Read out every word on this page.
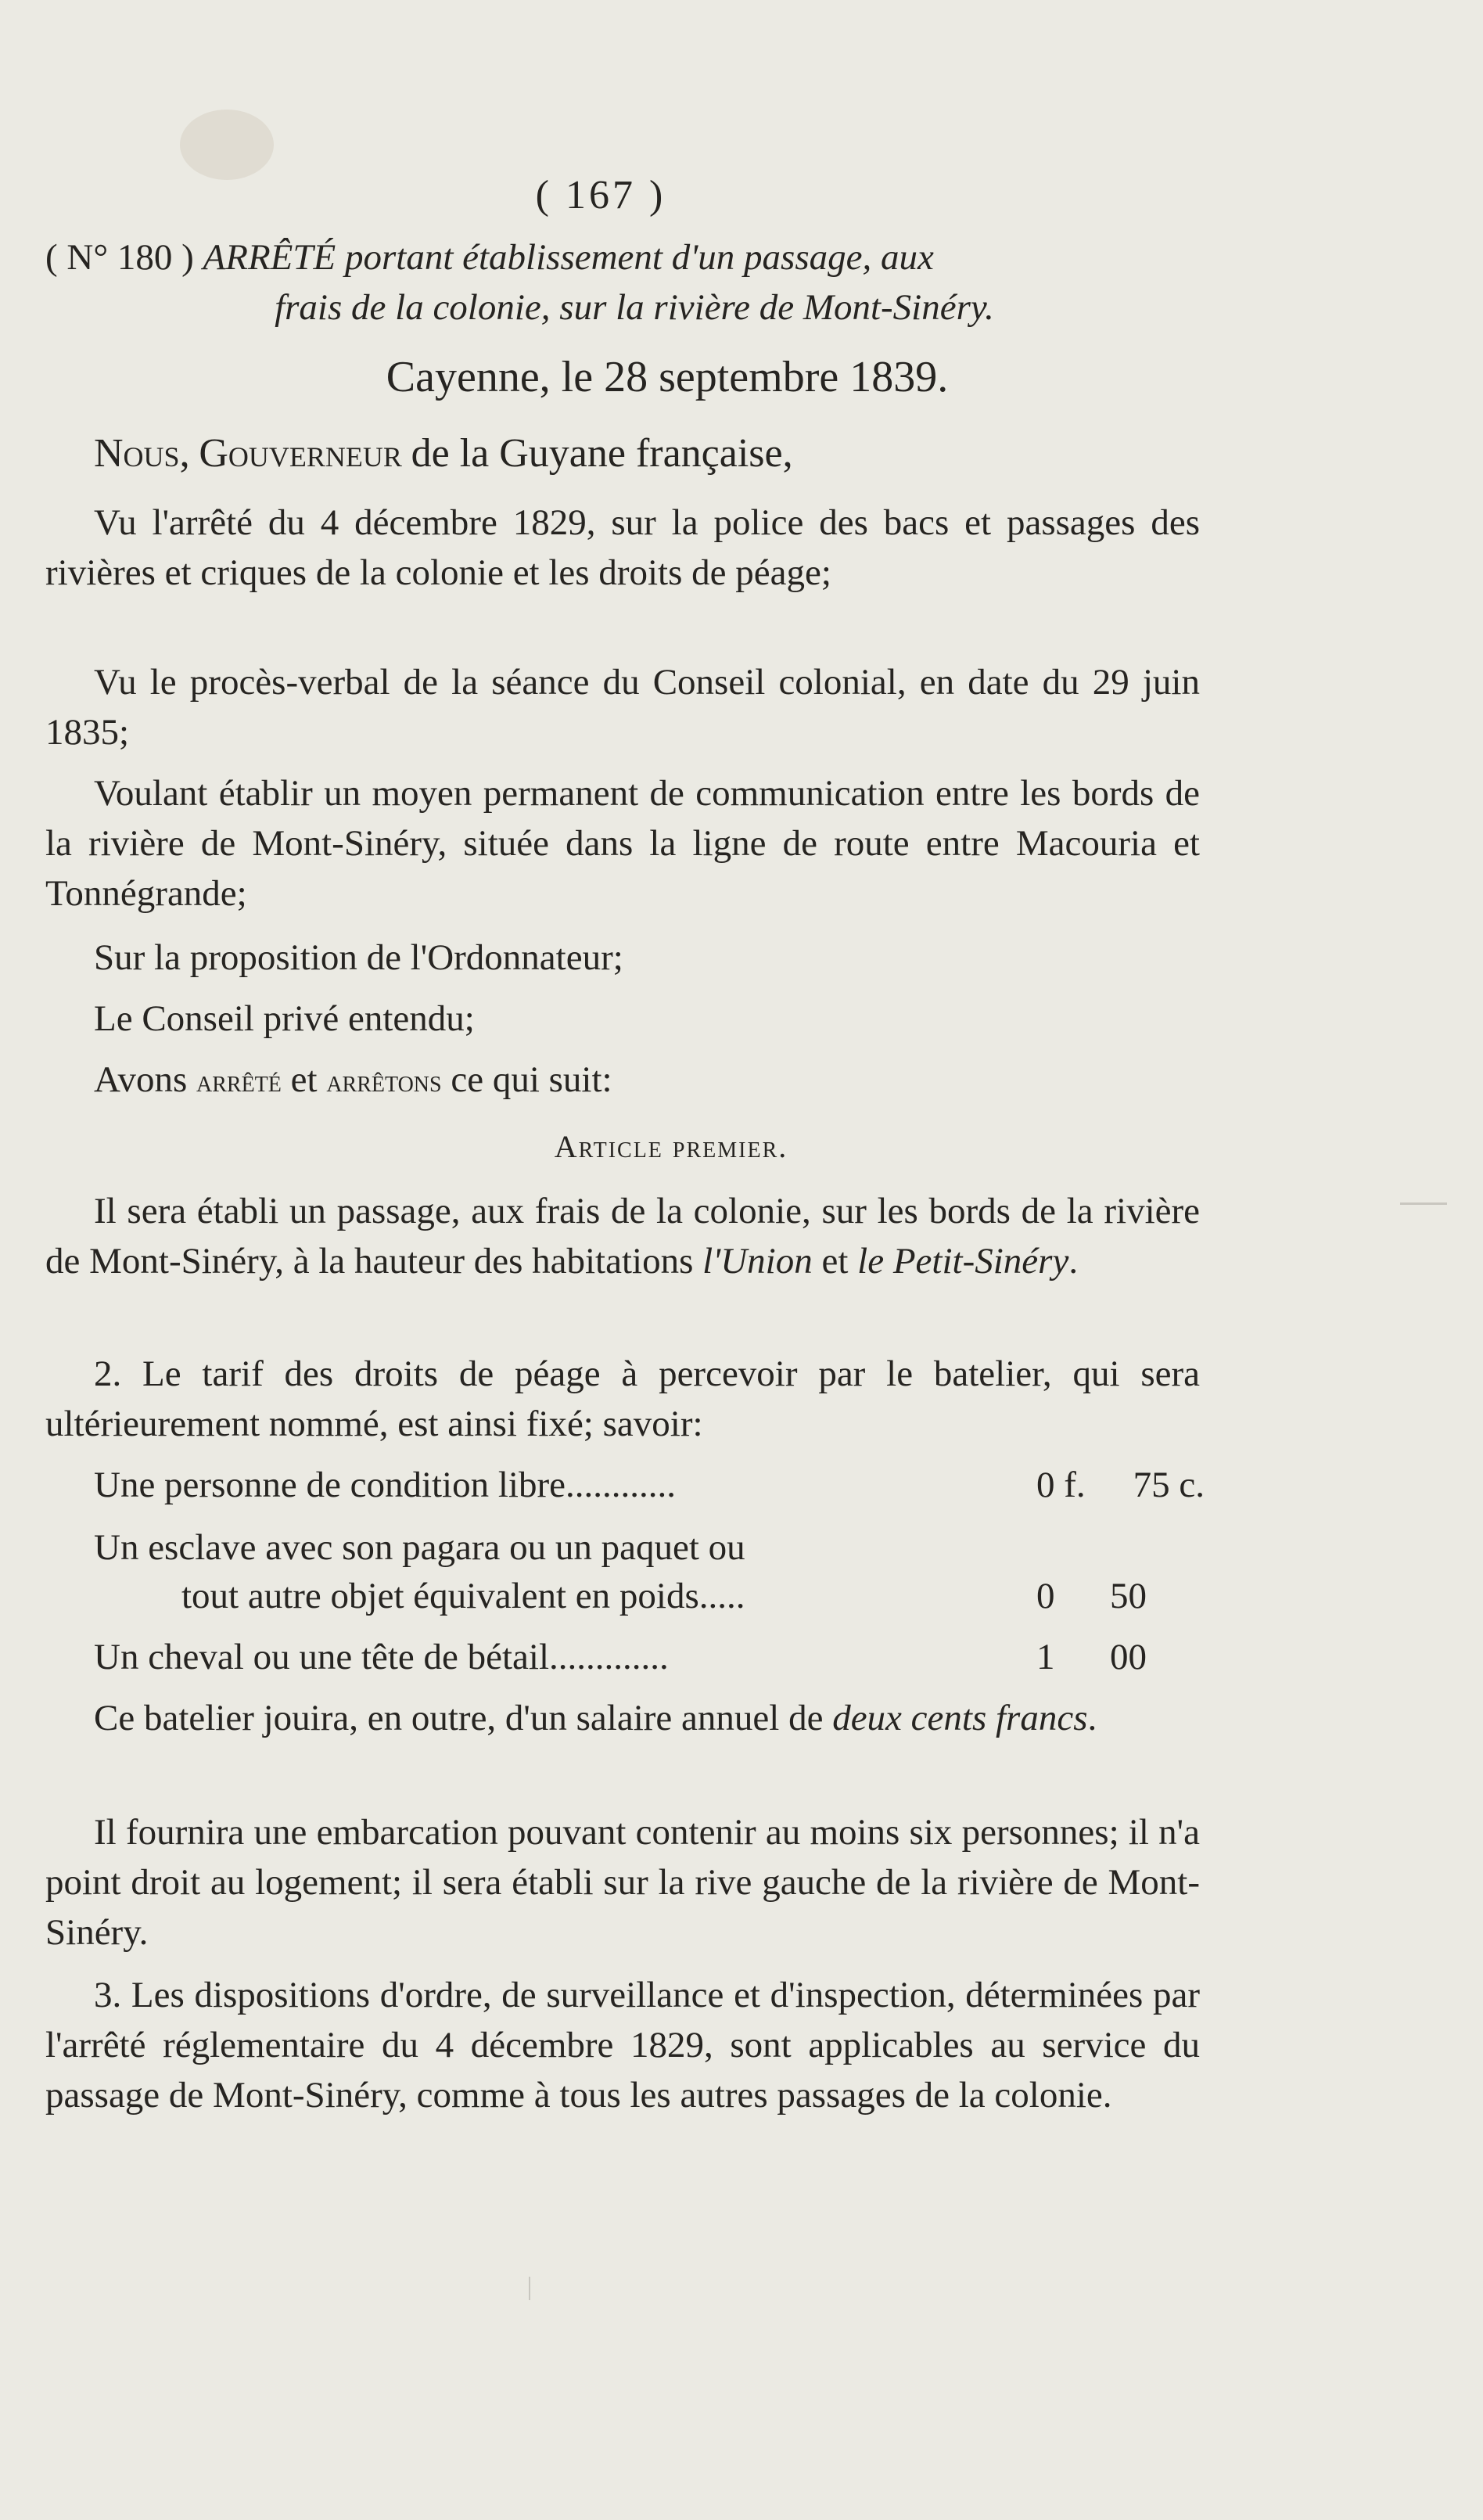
( 167 )
( N° 180 ) ARRÊTÉ portant établissement d'un passage, aux
frais de la colonie, sur la rivière de Mont-Sinéry.
Cayenne, le 28 septembre 1839.
Nous, Gouverneur de la Guyane française,
Vu l'arrêté du 4 décembre 1829, sur la police des bacs et passages des rivières et criques de la colonie et les droits de péage;
Vu le procès-verbal de la séance du Conseil colonial, en date du 29 juin 1835;
Voulant établir un moyen permanent de communication entre les bords de la rivière de Mont-Sinéry, située dans la ligne de route entre Macouria et Tonnégrande;
Sur la proposition de l'Ordonnateur;
Le Conseil privé entendu;
Avons arrêté et arrêtons ce qui suit:
Article premier.
Il sera établi un passage, aux frais de la colonie, sur les bords de la rivière de Mont-Sinéry, à la hauteur des habitations l'Union et le Petit-Sinéry.
2. Le tarif des droits de péage à percevoir par le batelier, qui sera ultérieurement nommé, est ainsi fixé; savoir:
Une personne de condition libre............	0 f. 75 c.
Un esclave avec son pagara ou un paquet ou
tout autre objet équivalent en poids.....	0 50
Un cheval ou une tête de bétail.............	1 00
Ce batelier jouira, en outre, d'un salaire annuel de deux cents francs.
Il fournira une embarcation pouvant contenir au moins six personnes; il n'a point droit au logement; il sera établi sur la rive gauche de la rivière de Mont-Sinéry.
3. Les dispositions d'ordre, de surveillance et d'inspection, déterminées par l'arrêté réglementaire du 4 décembre 1829, sont applicables au service du passage de Mont-Sinéry, comme à tous les autres passages de la colonie.
